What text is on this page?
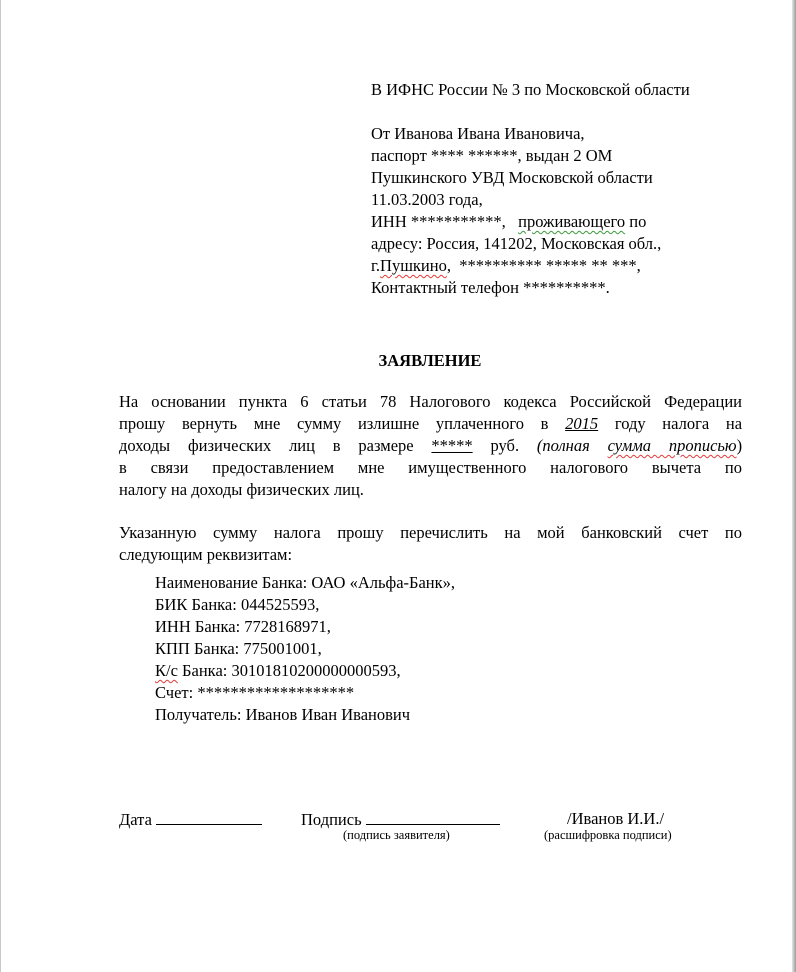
В ИФНС России № 3 по Московской области
От Иванова Ивана Ивановича,
паспорт **** ******, выдан 2 ОМ
Пушкинского УВД Московской области
11.03.2003 года,
ИНН ***********,   проживающего по
адресу: Россия, 141202, Московская обл.,
г.Пушкино,  ********** ***** ** ***,
Контактный телефон **********.
ЗАЯВЛЕНИЕ
На основании пункта 6 статьи 78 Налогового кодекса Российской Федерации
прошу вернуть мне сумму излишне уплаченного в 2015 году налога на
доходы физических лиц в размере ***** руб. (полная сумма прописью)
в связи предоставлением мне имущественного налогового вычета по
налогу на доходы физических лиц.
Указанную сумму налога прошу перечислить на мой банковский счет по
следующим реквизитам:
Наименование Банка: ОАО «Альфа-Банк»,
БИК Банка: 044525593,
ИНН Банка: 7728168971,
КПП Банка: 775001001,
К/с Банка: 30101810200000000593,
Счет: *******************
Получатель: Иванов Иван Иванович
Дата	Подпись	/Иванов И.И./
(подпись заявителя)	(расшифровка подписи)
